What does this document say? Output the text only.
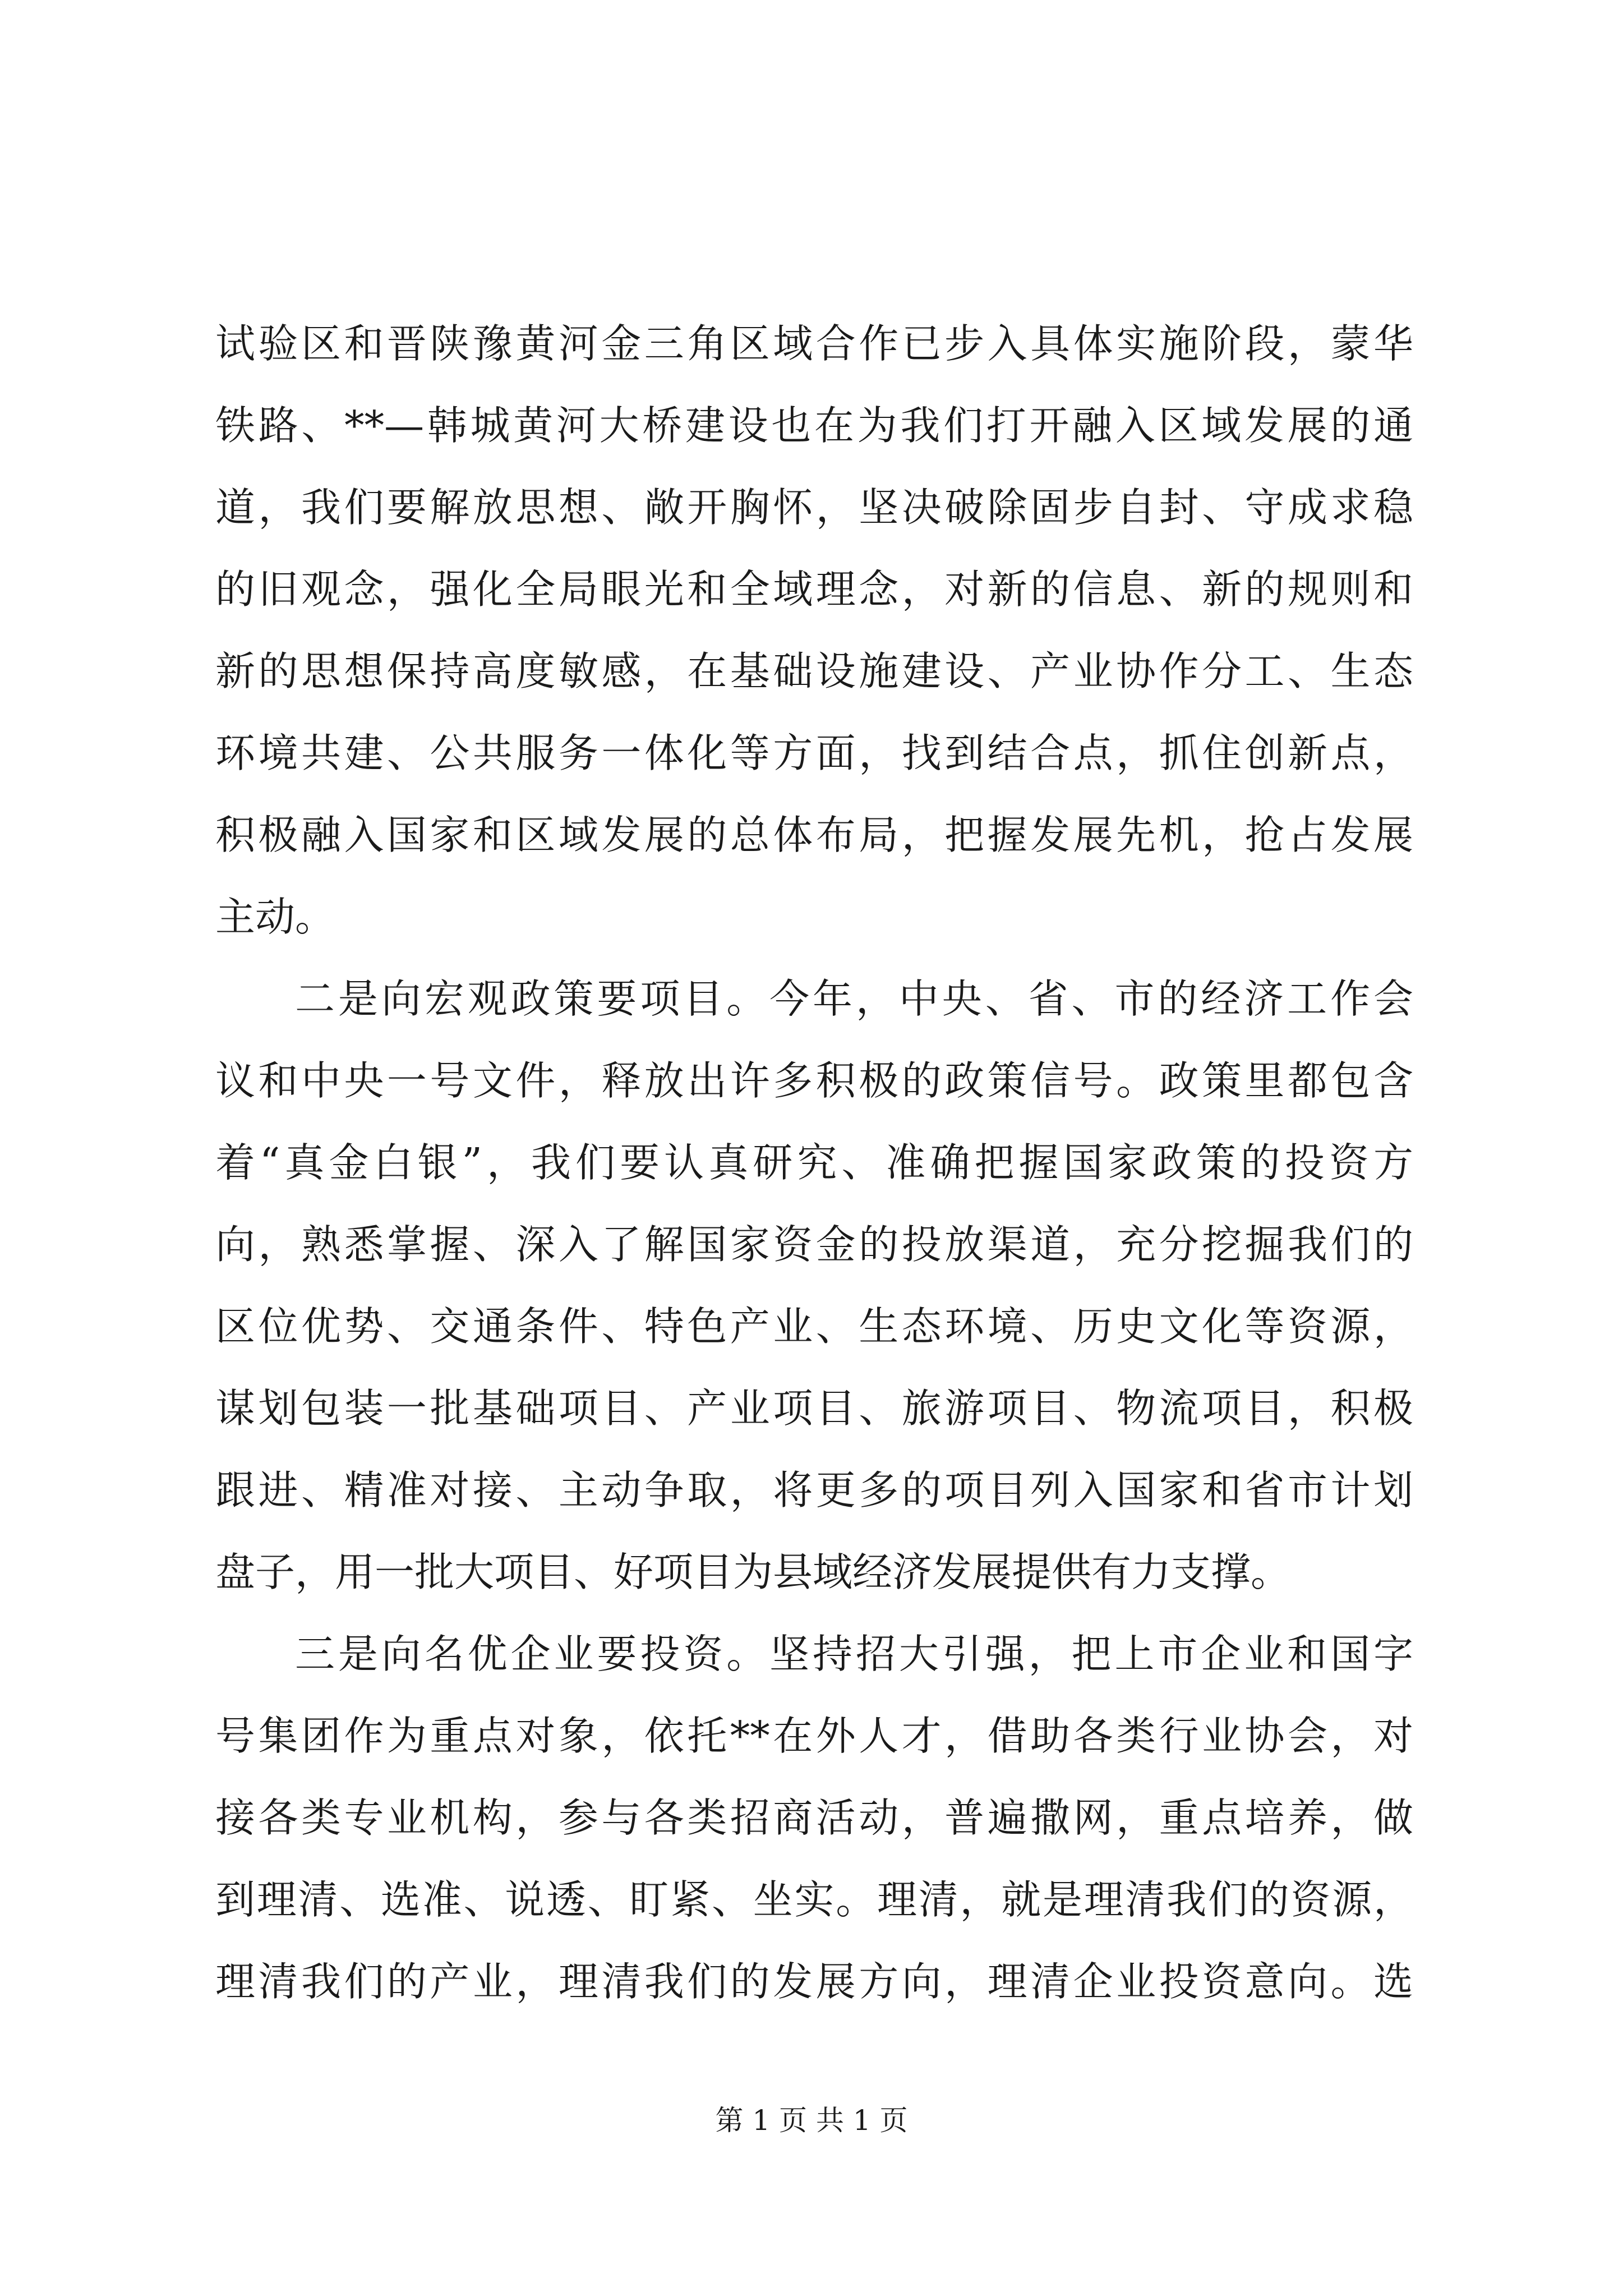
试验区和晋陕豫黄河金三角区域合作已步入具体实施阶段，蒙华
铁路、**—韩城黄河大桥建设也在为我们打开融入区域发展的通
道，我们要解放思想、敞开胸怀，坚决破除固步自封、守成求稳
的旧观念，强化全局眼光和全域理念，对新的信息、新的规则和
新的思想保持高度敏感，在基础设施建设、产业协作分工、生态
环境共建、公共服务一体化等方面，找到结合点，抓住创新点，
积极融入国家和区域发展的总体布局，把握发展先机，抢占发展
主动。
二是向宏观政策要项目。今年，中央、省、市的经济工作会
议和中央一号文件，释放出许多积极的政策信号。政策里都包含
着“真金白银”，我们要认真研究、准确把握国家政策的投资方
向，熟悉掌握、深入了解国家资金的投放渠道，充分挖掘我们的
区位优势、交通条件、特色产业、生态环境、历史文化等资源，
谋划包装一批基础项目、产业项目、旅游项目、物流项目，积极
跟进、精准对接、主动争取，将更多的项目列入国家和省市计划
盘子，用一批大项目、好项目为县域经济发展提供有力支撑。
三是向名优企业要投资。坚持招大引强，把上市企业和国字
号集团作为重点对象，依托**在外人才，借助各类行业协会，对
接各类专业机构，参与各类招商活动，普遍撒网，重点培养，做
到理清、选准、说透、盯紧、坐实。理清，就是理清我们的资源，
理清我们的产业，理清我们的发展方向，理清企业投资意向。选
第 1 页 共 1 页
